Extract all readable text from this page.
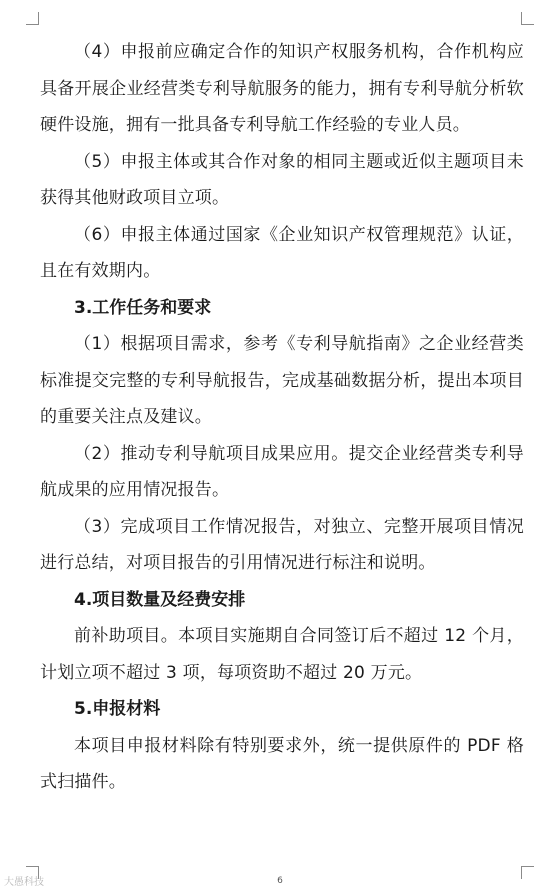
（4）申报前应确定合作的知识产权服务机构，合作机构应具备开展企业经营类专利导航服务的能力，拥有专利导航分析软硬件设施，拥有一批具备专利导航工作经验的专业人员。

（5）申报主体或其合作对象的相同主题或近似主题项目未获得其他财政项目立项。

（6）申报主体通过国家《企业知识产权管理规范》认证，且在有效期内。

3.工作任务和要求

（1）根据项目需求，参考《专利导航指南》之企业经营类标准提交完整的专利导航报告，完成基础数据分析，提出本项目的重要关注点及建议。

（2）推动专利导航项目成果应用。提交企业经营类专利导航成果的应用情况报告。

（3）完成项目工作情况报告，对独立、完整开展项目情况进行总结，对项目报告的引用情况进行标注和说明。

4.项目数量及经费安排

前补助项目。本项目实施期自合同签订后不超过 12 个月，计划立项不超过 3 项，每项资助不超过 20 万元。

5.申报材料

本项目申报材料除有特别要求外，统一提供原件的 PDF 格式扫描件。

6
大愚科技
